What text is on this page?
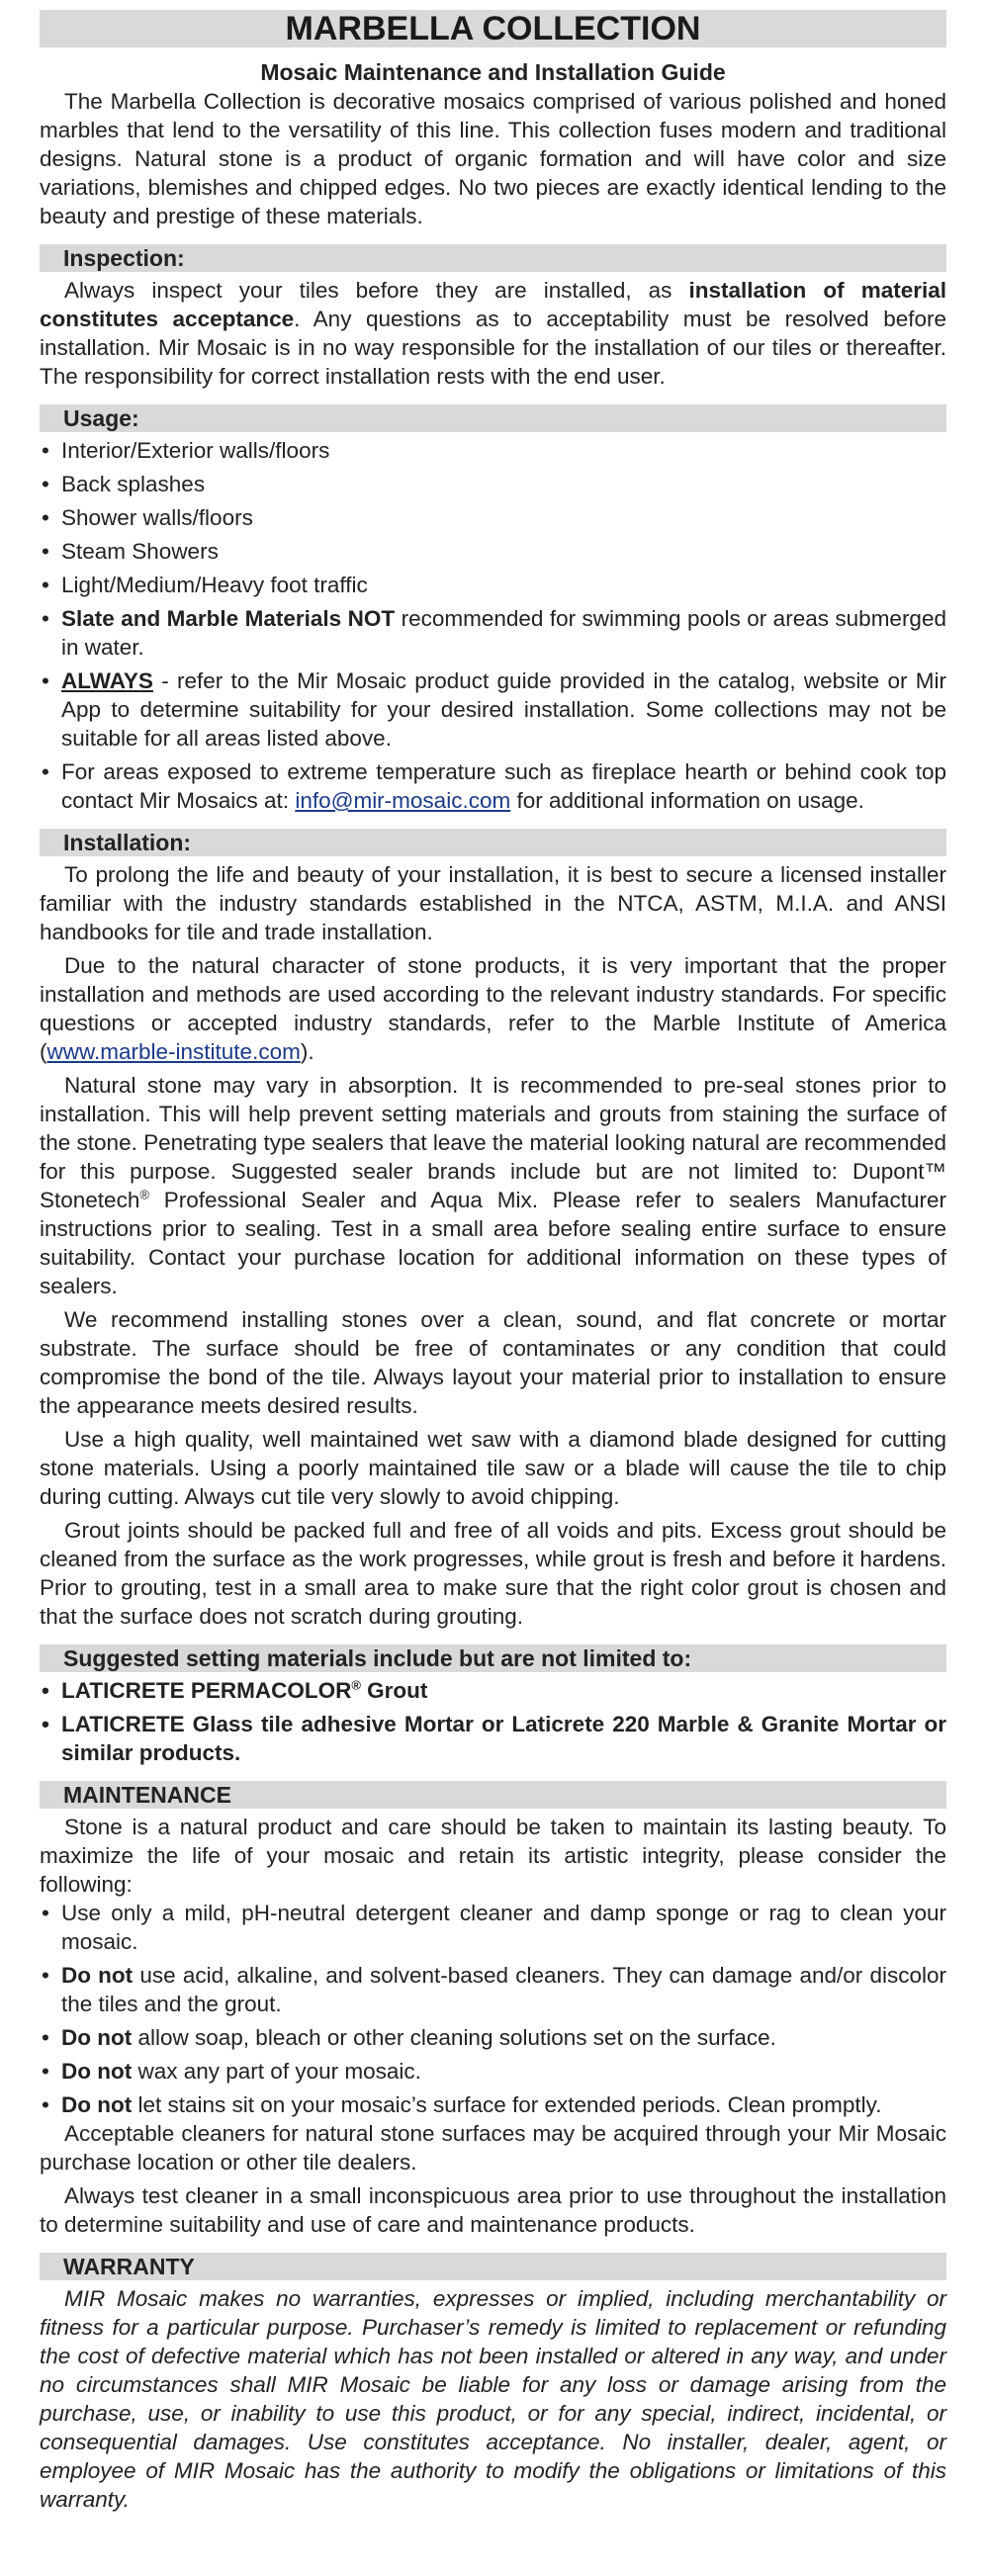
MARBELLA COLLECTION
Mosaic Maintenance and Installation Guide

The Marbella Collection is decorative mosaics comprised of various polished and honed marbles that lend to the versatility of this line. This collection fuses modern and traditional designs. Natural stone is a product of organic formation and will have color and size variations, blemishes and chipped edges. No two pieces are exactly identical lending to the beauty and prestige of these materials.

Inspection:

Always inspect your tiles before they are installed, as installation of material constitutes acceptance. Any questions as to acceptability must be resolved before installation. Mir Mosaic is in no way responsible for the installation of our tiles or thereafter. The responsibility for correct installation rests with the end user.

Usage:
• Interior/Exterior walls/floors
• Back splashes
• Shower walls/floors
• Steam Showers
• Light/Medium/Heavy foot traffic
• Slate and Marble Materials NOT recommended for swimming pools or areas submerged in water.
• ALWAYS - refer to the Mir Mosaic product guide provided in the catalog, website or Mir App to determine suitability for your desired installation. Some collections may not be suitable for all areas listed above.
• For areas exposed to extreme temperature such as fireplace hearth or behind cook top contact Mir Mosaics at: info@mir-mosaic.com for additional information on usage.
Installation:

To prolong the life and beauty of your installation, it is best to secure a licensed installer familiar with the industry standards established in the NTCA, ASTM, M.I.A. and ANSI handbooks for tile and trade installation.

Due to the natural character of stone products, it is very important that the proper installation and methods are used according to the relevant industry standards. For specific questions or accepted industry standards, refer to the Marble Institute of America (www.marble-institute.com).

Natural stone may vary in absorption. It is recommended to pre-seal stones prior to installation. This will help prevent setting materials and grouts from staining the surface of the stone. Penetrating type sealers that leave the material looking natural are recommended for this purpose. Suggested sealer brands include but are not limited to: Dupont™ Stonetech® Professional Sealer and Aqua Mix. Please refer to sealers Manufacturer instructions prior to sealing. Test in a small area before sealing entire surface to ensure suitability. Contact your purchase location for additional information on these types of sealers.

We recommend installing stones over a clean, sound, and flat concrete or mortar substrate. The surface should be free of contaminates or any condition that could compromise the bond of the tile. Always layout your material prior to installation to ensure the appearance meets desired results.

Use a high quality, well maintained wet saw with a diamond blade designed for cutting stone materials. Using a poorly maintained tile saw or a blade will cause the tile to chip during cutting. Always cut tile very slowly to avoid chipping.

Grout joints should be packed full and free of all voids and pits. Excess grout should be cleaned from the surface as the work progresses, while grout is fresh and before it hardens. Prior to grouting, test in a small area to make sure that the right color grout is chosen and that the surface does not scratch during grouting.

Suggested setting materials include but are not limited to:
• LATICRETE PERMACOLOR® Grout
• LATICRETE Glass tile adhesive Mortar or Laticrete 220 Marble & Granite Mortar or similar products.
MAINTENANCE

Stone is a natural product and care should be taken to maintain its lasting beauty. To maximize the life of your mosaic and retain its artistic integrity, please consider the following:

• Use only a mild, pH-neutral detergent cleaner and damp sponge or rag to clean your mosaic.
• Do not use acid, alkaline, and solvent-based cleaners. They can damage and/or discolor the tiles and the grout.
• Do not allow soap, bleach or other cleaning solutions set on the surface.
• Do not wax any part of your mosaic.
• Do not let stains sit on your mosaic’s surface for extended periods. Clean promptly.

Acceptable cleaners for natural stone surfaces may be acquired through your Mir Mosaic purchase location or other tile dealers.

Always test cleaner in a small inconspicuous area prior to use throughout the installation to determine suitability and use of care and maintenance products.

WARRANTY

MIR Mosaic makes no warranties, expresses or implied, including merchantability or fitness for a particular purpose. Purchaser’s remedy is limited to replacement or refunding the cost of defective material which has not been installed or altered in any way, and under no circumstances shall MIR Mosaic be liable for any loss or damage arising from the purchase, use, or inability to use this product, or for any special, indirect, incidental, or consequential damages. Use constitutes acceptance. No installer, dealer, agent, or employee of MIR Mosaic has the authority to modify the obligations or limitations of this warranty.
